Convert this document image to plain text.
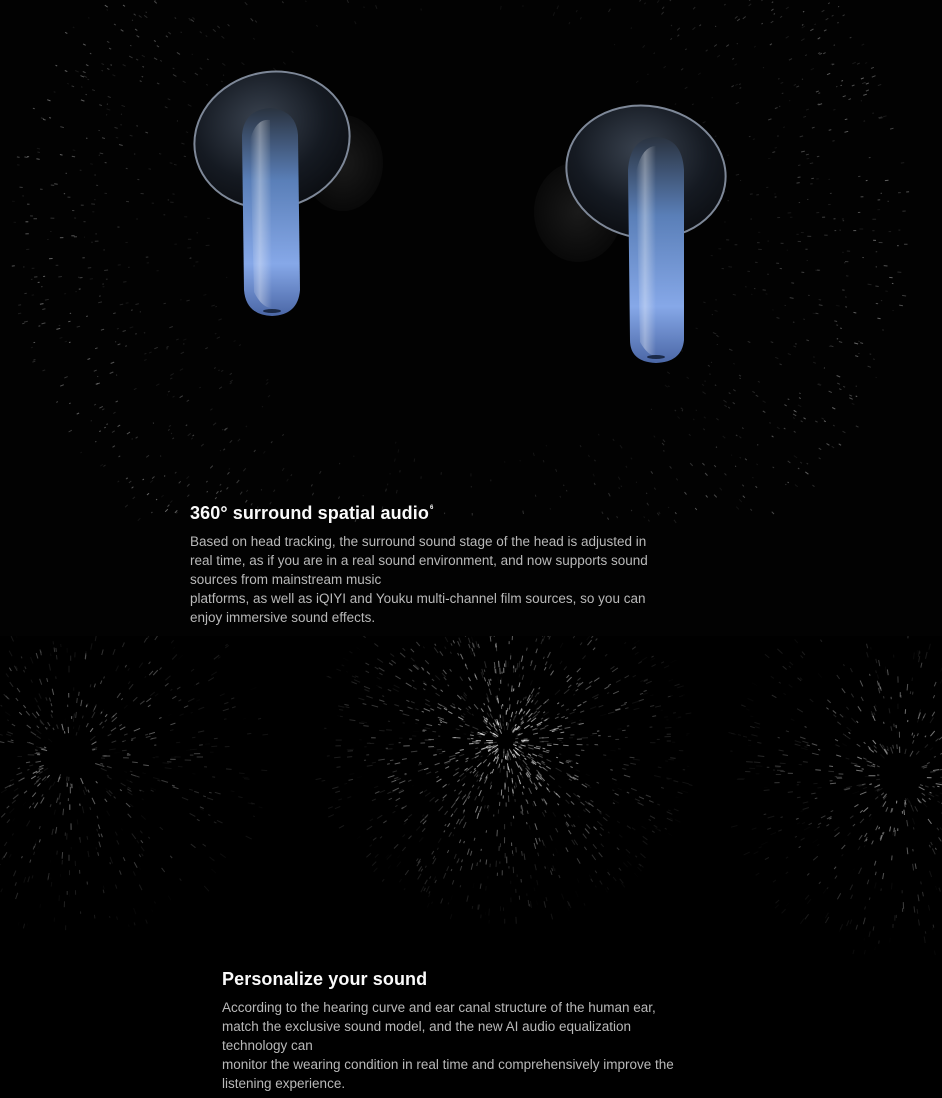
360° surround spatial audio$^6$

Based on head tracking, the surround sound stage of the head is adjusted in

real time, as if you are in a real sound environment, and now supports sound

sources from mainstream music

platforms, as well as iQIYI and Youku multi-channel film sources, so you can

enjoy immersive sound effects.

Personalize your sound

According to the hearing curve and ear canal structure of the human ear,

match the exclusive sound model, and the new AI audio equalization

technology can

monitor the wearing condition in real time and comprehensively improve the

listening experience.
